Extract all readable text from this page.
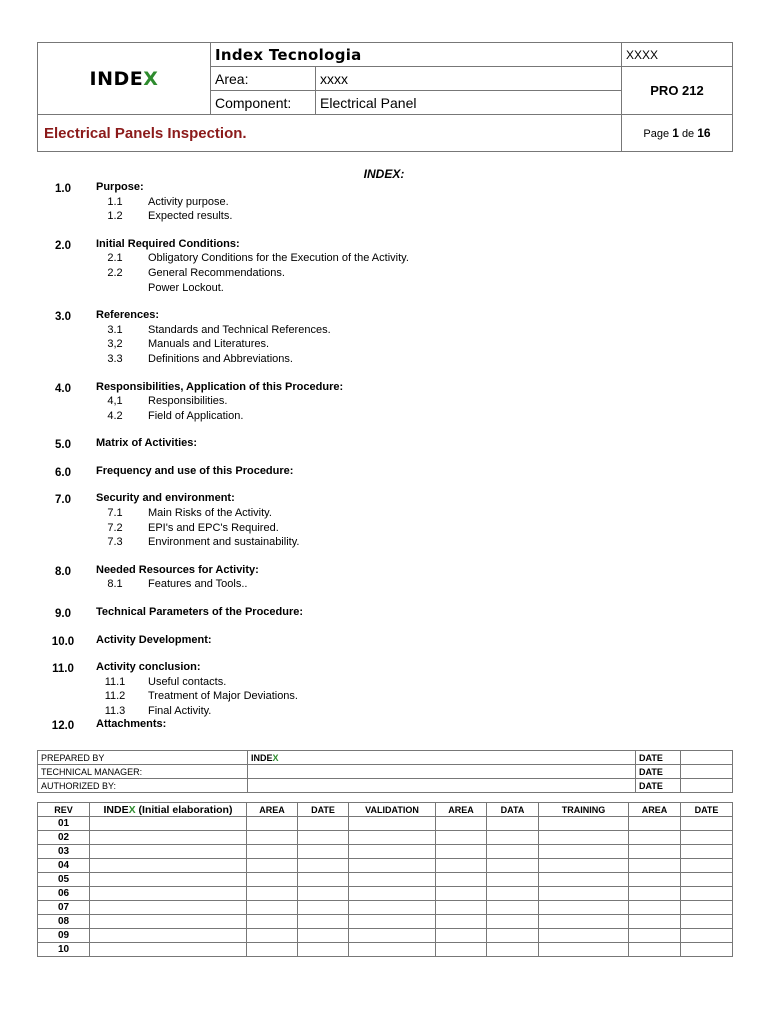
INDEX	Index Tecnologia		XXXX
	Area:	xxxx	PRO 212
	Component:	Electrical Panel	
Electrical Panels Inspection.			Page 1 de 16
INDEX:
1.0	Purpose:
1.1	Activity purpose.
1.2	Expected results.
2.0	Initial Required Conditions:
2.1	Obligatory Conditions for the Execution of the Activity.
2.2	General Recommendations.
Power Lockout.
3.0	References:
3.1	Standards and Technical References.
3,2	Manuals and Literatures.
3.3	Definitions and Abbreviations.
4.0	Responsibilities, Application of this Procedure:
4,1	Responsibilities.
4.2	Field of Application.
5.0	Matrix of Activities:
6.0	Frequency and use of this Procedure:
7.0	Security and environment:
7.1	Main Risks of the Activity.
7.2	EPI's and EPC's Required.
7.3	Environment and sustainability.
8.0	Needed Resources for Activity:
8.1	Features and Tools..
9.0	Technical Parameters of the Procedure:
10.0	Activity Development:
11.0	Activity conclusion:
11.1	Useful contacts.
11.2	Treatment of Major Deviations.
11.3	Final Activity.
12.0	Attachments:
PREPARED BY	INDEX	DATE	
TECHNICAL MANAGER:		DATE	
AUTHORIZED BY:		DATE	
REV	INDEX (Initial elaboration)	AREA	DATE	VALIDATION	AREA	DATA	TRAINING	AREA	DATE
01									
02									
03									
04									
05									
06									
07									
08									
09									
10									
